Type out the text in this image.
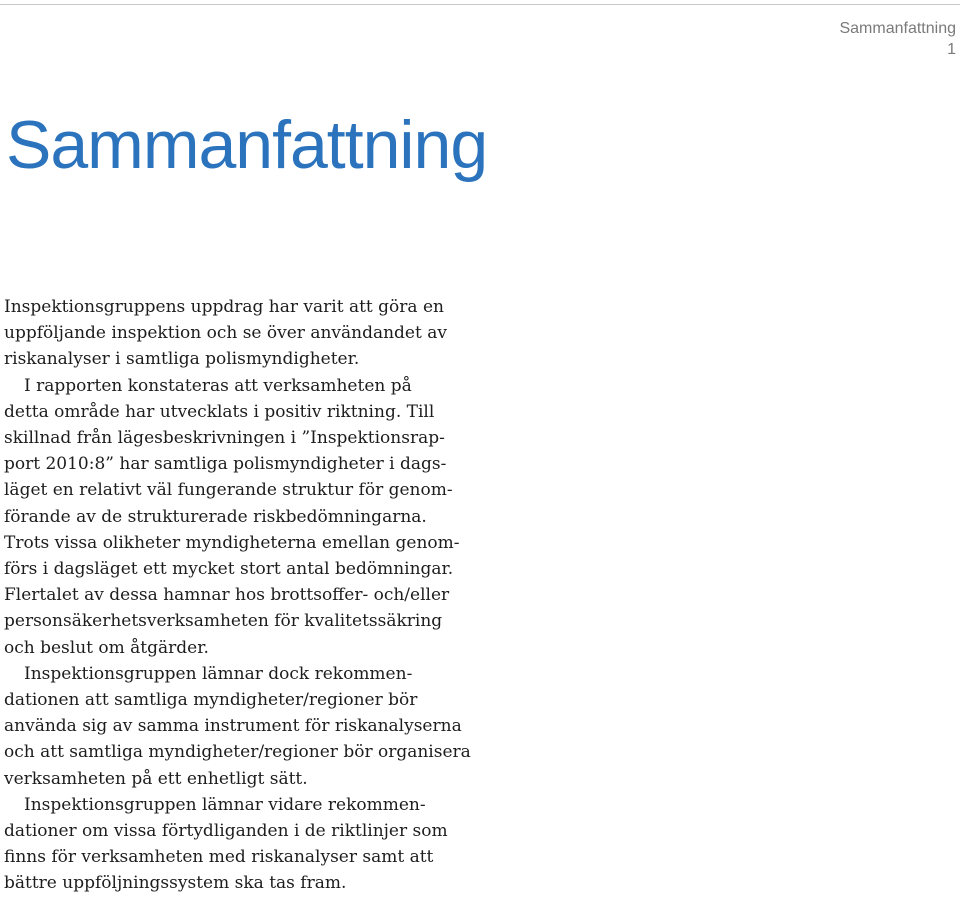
Sammanfattning
1
Sammanfattning

Inspektionsgruppens uppdrag har varit att göra en
uppföljande inspektion och se över användandet av
riskanalyser i samtliga polismyndigheter.

I rapporten konstateras att verksamheten på
detta område har utvecklats i positiv riktning. Till
skillnad från lägesbeskrivningen i ”Inspektionsrap-
port 2010:8” har samtliga polismyndigheter i dags-
läget en relativt väl fungerande struktur för genom-
förande av de strukturerade riskbedömningarna.
Trots vissa olikheter myndigheterna emellan genom-
förs i dagsläget ett mycket stort antal bedömningar.
Flertalet av dessa hamnar hos brottsoffer- och/eller
personsäkerhetsverksamheten för kvalitetssäkring
och beslut om åtgärder.

Inspektionsgruppen lämnar dock rekommen-
dationen att samtliga myndigheter/regioner bör
använda sig av samma instrument för riskanalyserna
och att samtliga myndigheter/regioner bör organisera
verksamheten på ett enhetligt sätt.

Inspektionsgruppen lämnar vidare rekommen-
dationer om vissa förtydliganden i de riktlinjer som
finns för verksamheten med riskanalyser samt att
bättre uppföljningssystem ska tas fram.
